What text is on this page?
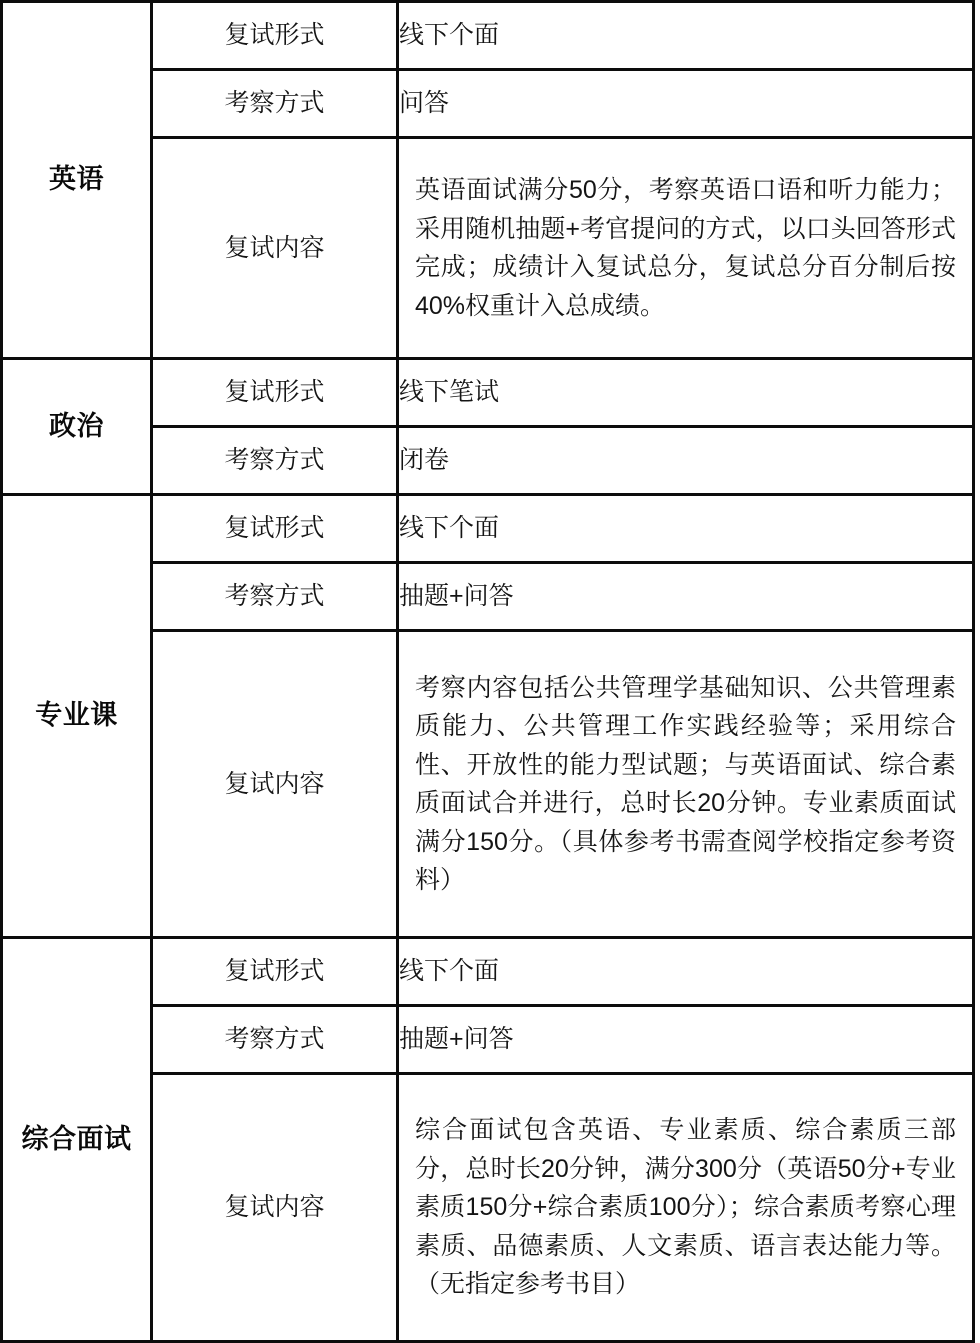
英语	复试形式	线下个面
	考察方式	问答
	复试内容	英语面试满分50分，考察英语口语和听力能力；采用随机抽题+考官提问的方式，以口头回答形式完成；成绩计入复试总分，复试总分百分制后按40%权重计入总成绩。
政治	复试形式	线下笔试
	考察方式	闭卷
专业课	复试形式	线下个面
	考察方式	抽题+问答
	复试内容	考察内容包括公共管理学基础知识、公共管理素质能力、公共管理工作实践经验等；采用综合性、开放性的能力型试题；与英语面试、综合素质面试合并进行，总时长20分钟。专业素质面试满分150分。（具体参考书需查阅学校指定参考资料）
综合面试	复试形式	线下个面
	考察方式	抽题+问答
	复试内容	综合面试包含英语、专业素质、综合素质三部分，总时长20分钟，满分300分（英语50分+专业素质150分+综合素质100分）；综合素质考察心理素质、品德素质、人文素质、语言表达能力等。（无指定参考书目）
